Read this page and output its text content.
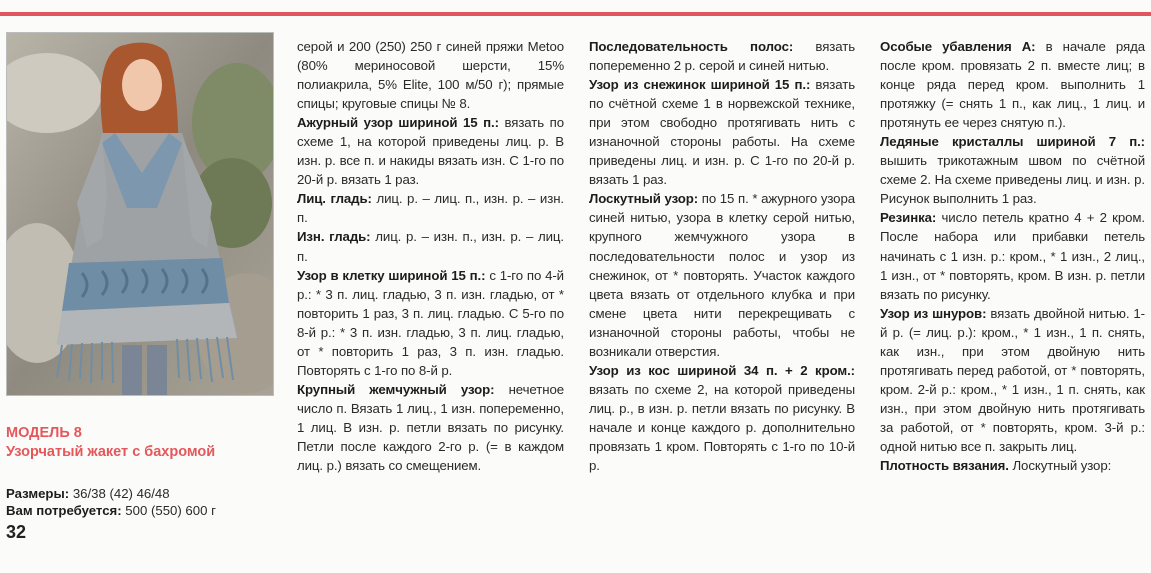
МОДЕЛЬ 8
Узорчатый жакет с бахромой

Размеры: 36/38 (42) 46/48

Вам потребуется: 500 (550) 600 г

32

серой и 200 (250) 250 г синей пряжи Metoo (80% мериносовой шерсти, 15% полиакрила, 5% Elite, 100 м/50 г); прямые спицы; круговые спицы № 8.

Ажурный узор шириной 15 п.: вязать по схеме 1, на которой приведены лиц. р. В изн. р. все п. и накиды вязать изн. С 1-го по 20-й р. вязать 1 раз.

Лиц. гладь: лиц. р. – лиц. п., изн. р. – изн. п.

Изн. гладь: лиц. р. – изн. п., изн. р. – лиц. п.

Узор в клетку шириной 15 п.: с 1-го по 4-й р.: * 3 п. лиц. гладью, 3 п. изн. гладью, от * повторить 1 раз, 3 п. лиц. гладью. С 5-го по 8-й р.: * 3 п. изн. гладью, 3 п. лиц. гладью, от * повторить 1 раз, 3 п. изн. гладью. Повторять с 1-го по 8-й р.

Крупный жемчужный узор: нечетное число п. Вязать 1 лиц., 1 изн. попеременно, 1 лиц. В изн. р. петли вязать по рисунку. Петли после каждого 2-го р. (= в каждом лиц. р.) вязать со смещением.

Последовательность полос: вязать попеременно 2 р. серой и синей нитью.

Узор из снежинок шириной 15 п.: вязать по счётной схеме 1 в норвежской технике, при этом свободно протягивать нить с изнаночной стороны работы. На схеме приведены лиц. и изн. р. С 1-го по 20-й р. вязать 1 раз.

Лоскутный узор: по 15 п. * ажурного узора синей нитью, узора в клетку серой нитью, крупного жемчужного узора в последовательности полос и узор из снежинок, от * повторять. Участок каждого цвета вязать от отдельного клубка и при смене цвета нити перекрещивать с изнаночной стороны работы, чтобы не возникали отверстия.

Узор из кос шириной 34 п. + 2 кром.: вязать по схеме 2, на которой приведены лиц. р., в изн. р. петли вязать по рисунку. В начале и конце каждого р. дополнительно провязать 1 кром. Повторять с 1-го по 10-й р.

Особые убавления А: в начале ряда после кром. провязать 2 п. вместе лиц; в конце ряда перед кром. выполнить 1 протяжку (= снять 1 п., как лиц., 1 лиц. и протянуть ее через снятую п.).

Ледяные кристаллы шириной 7 п.: вышить трикотажным швом по счётной схеме 2. На схеме приведены лиц. и изн. р. Рисунок выполнить 1 раз.

Резинка: число петель кратно 4 + 2 кром. После набора или прибавки петель начинать с 1 изн. р.: кром., * 1 изн., 2 лиц., 1 изн., от * повторять, кром. В изн. р. петли вязать по рисунку.

Узор из шнуров: вязать двойной нитью. 1-й р. (= лиц. р.): кром., * 1 изн., 1 п. снять, как изн., при этом двойную нить протягивать перед работой, от * повторять, кром. 2-й р.: кром., * 1 изн., 1 п. снять, как изн., при этом двойную нить протягивать за работой, от * повторять, кром. 3-й р.: одной нитью все п. закрыть лиц.

Плотность вязания. Лоскутный узор:
